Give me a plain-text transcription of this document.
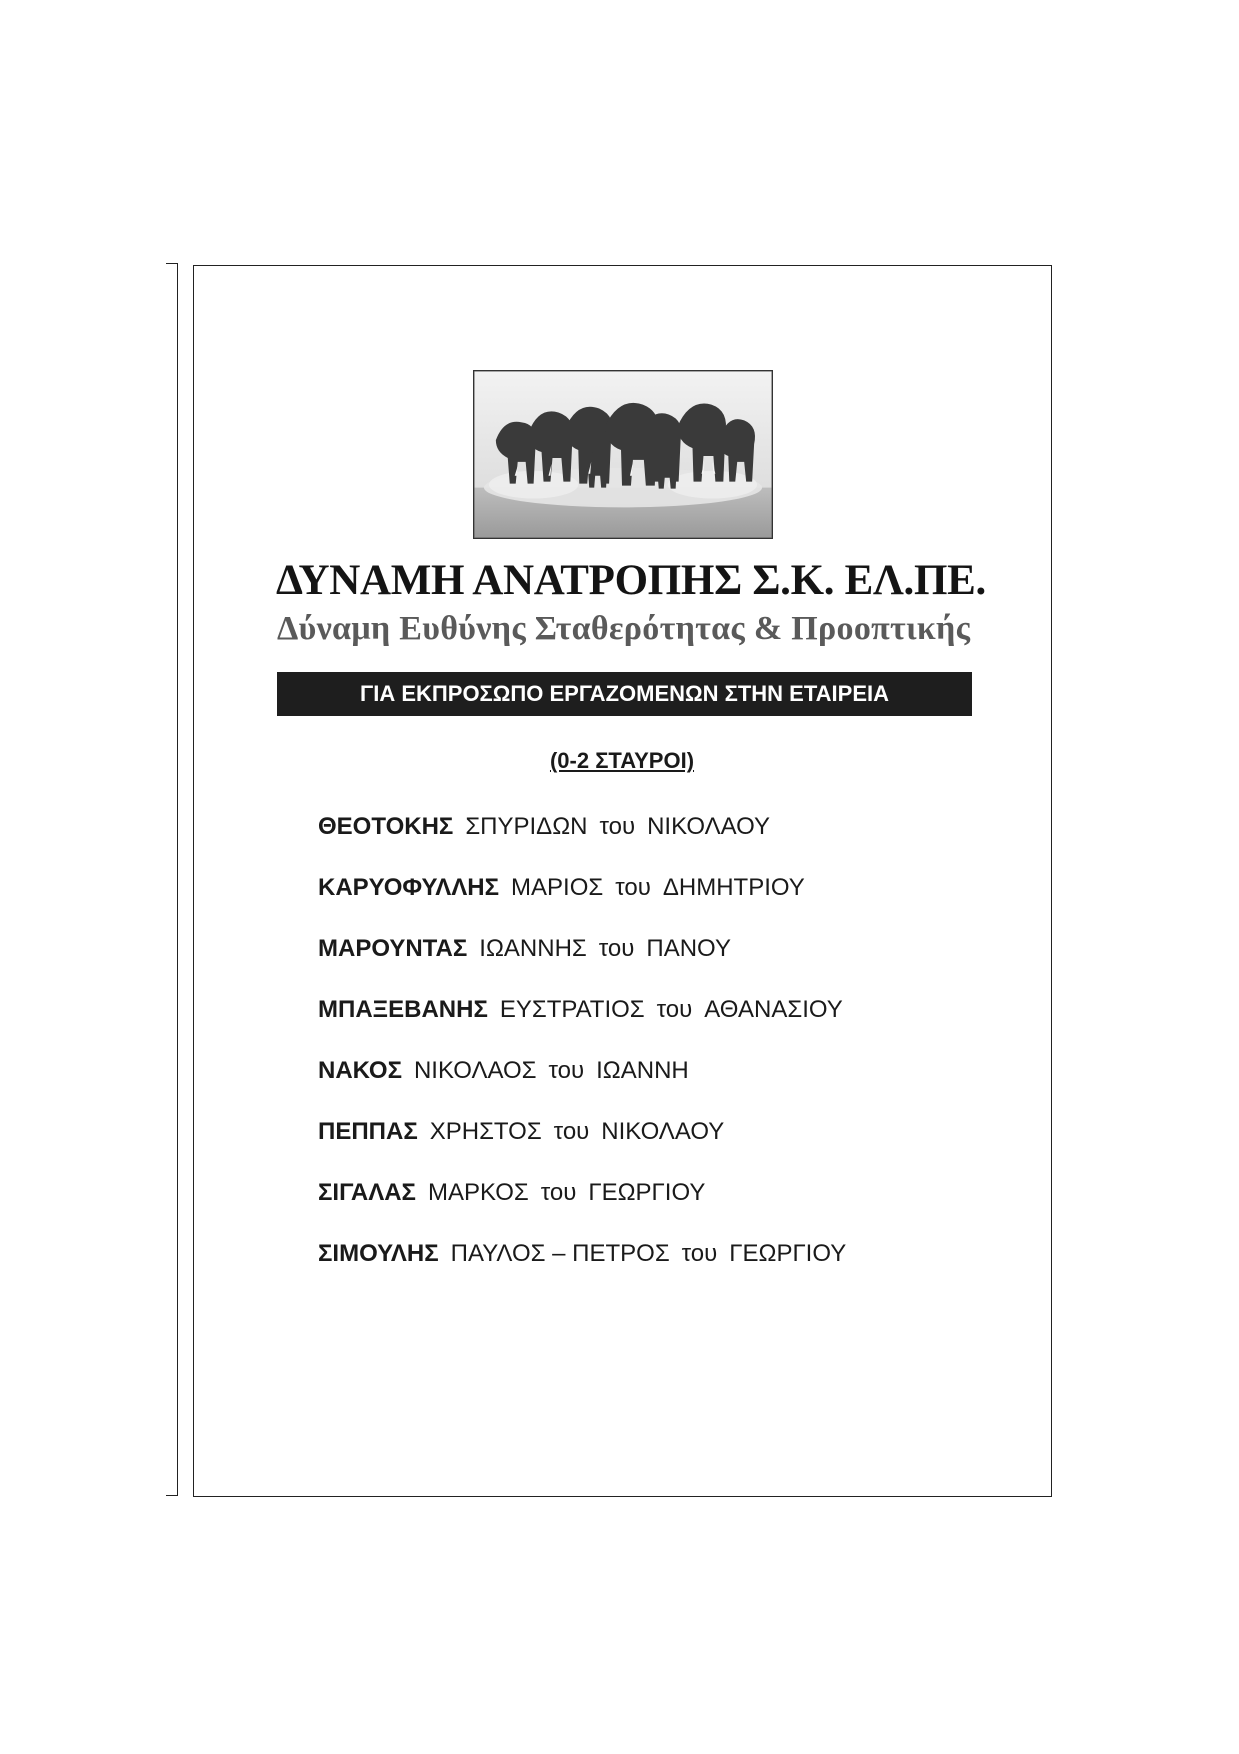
ΔΥΝΑΜΗ ΑΝΑΤΡΟΠΗΣ Σ.Κ. ΕΛ.ΠΕ.
Δύναμη Ευθύνης Σταθερότητας & Προοπτικής
ΓΙΑ ΕΚΠΡΟΣΩΠΟ ΕΡΓΑΖΟΜΕΝΩΝ ΣΤΗΝ ΕΤΑΙΡΕΙΑ
(0-2 ΣΤΑΥΡΟΙ)
ΘΕΟΤΟΚΗΣ ΣΠΥΡΙΔΩΝ του ΝΙΚΟΛΑΟΥ
ΚΑΡΥΟΦΥΛΛΗΣ ΜΑΡΙΟΣ του ΔΗΜΗΤΡΙΟΥ
ΜΑΡΟΥΝΤΑΣ ΙΩΑΝΝΗΣ του ΠΑΝΟΥ
ΜΠΑΞΕΒΑΝΗΣ ΕΥΣΤΡΑΤΙΟΣ του ΑΘΑΝΑΣΙΟΥ
ΝΑΚΟΣ ΝΙΚΟΛΑΟΣ του ΙΩΑΝΝΗ
ΠΕΠΠΑΣ ΧΡΗΣΤΟΣ του ΝΙΚΟΛΑΟΥ
ΣΙΓΑΛΑΣ ΜΑΡΚΟΣ του ΓΕΩΡΓΙΟΥ
ΣΙΜΟΥΛΗΣ ΠΑΥΛΟΣ – ΠΕΤΡΟΣ του ΓΕΩΡΓΙΟΥ
